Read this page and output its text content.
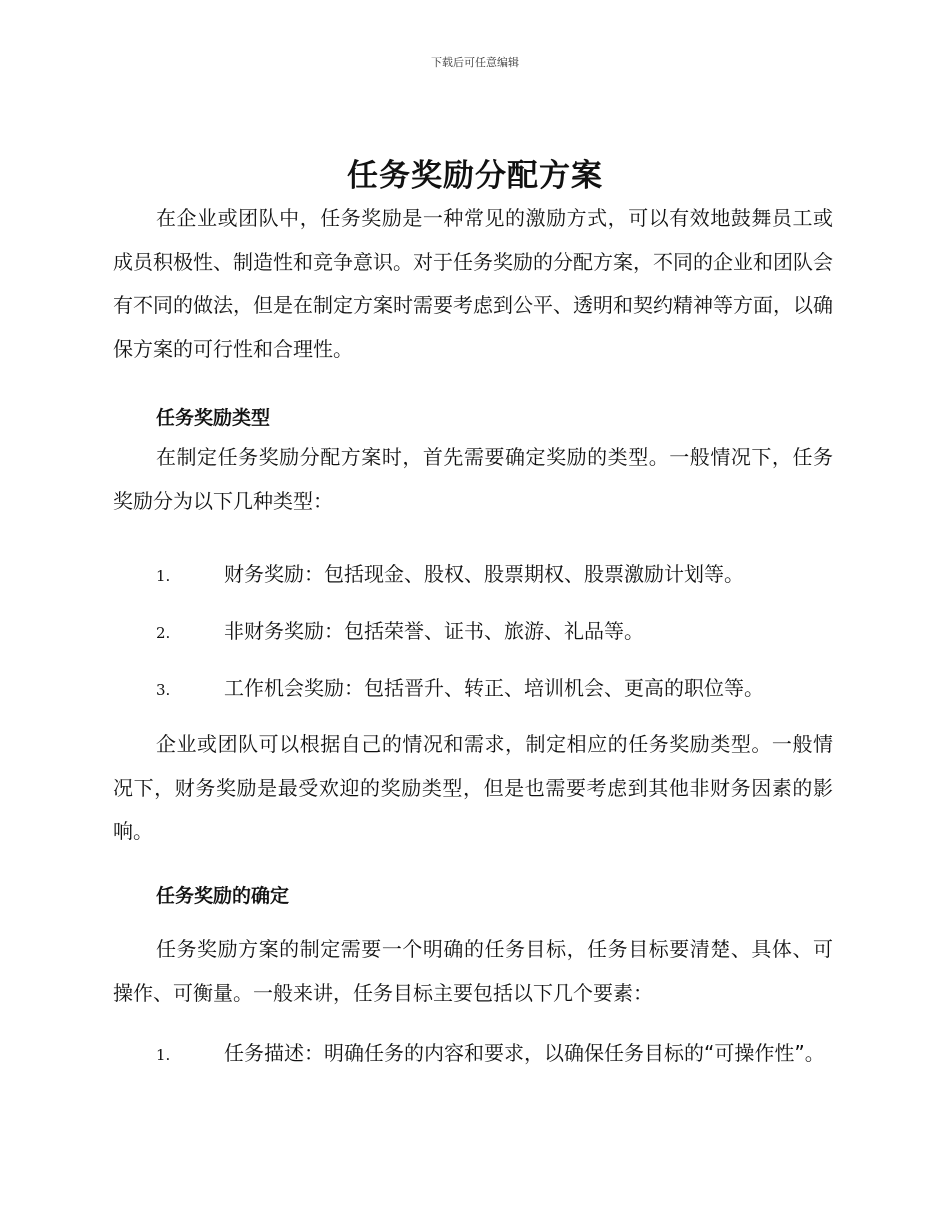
下载后可任意编辑
任务奖励分配方案
在企业或团队中，任务奖励是一种常见的激励方式，可以有效地鼓舞员工或成员积极性、制造性和竞争意识。对于任务奖励的分配方案，不同的企业和团队会有不同的做法，但是在制定方案时需要考虑到公平、透明和契约精神等方面，以确保方案的可行性和合理性。
任务奖励类型
在制定任务奖励分配方案时，首先需要确定奖励的类型。一般情况下，任务奖励分为以下几种类型：
1.	财务奖励：包括现金、股权、股票期权、股票激励计划等。
2.	非财务奖励：包括荣誉、证书、旅游、礼品等。
3.	工作机会奖励：包括晋升、转正、培训机会、更高的职位等。
企业或团队可以根据自己的情况和需求，制定相应的任务奖励类型。一般情况下，财务奖励是最受欢迎的奖励类型，但是也需要考虑到其他非财务因素的影响。
任务奖励的确定
任务奖励方案的制定需要一个明确的任务目标，任务目标要清楚、具体、可操作、可衡量。一般来讲，任务目标主要包括以下几个要素：
1.	任务描述：明确任务的内容和要求，以确保任务目标的“可操作性”。
